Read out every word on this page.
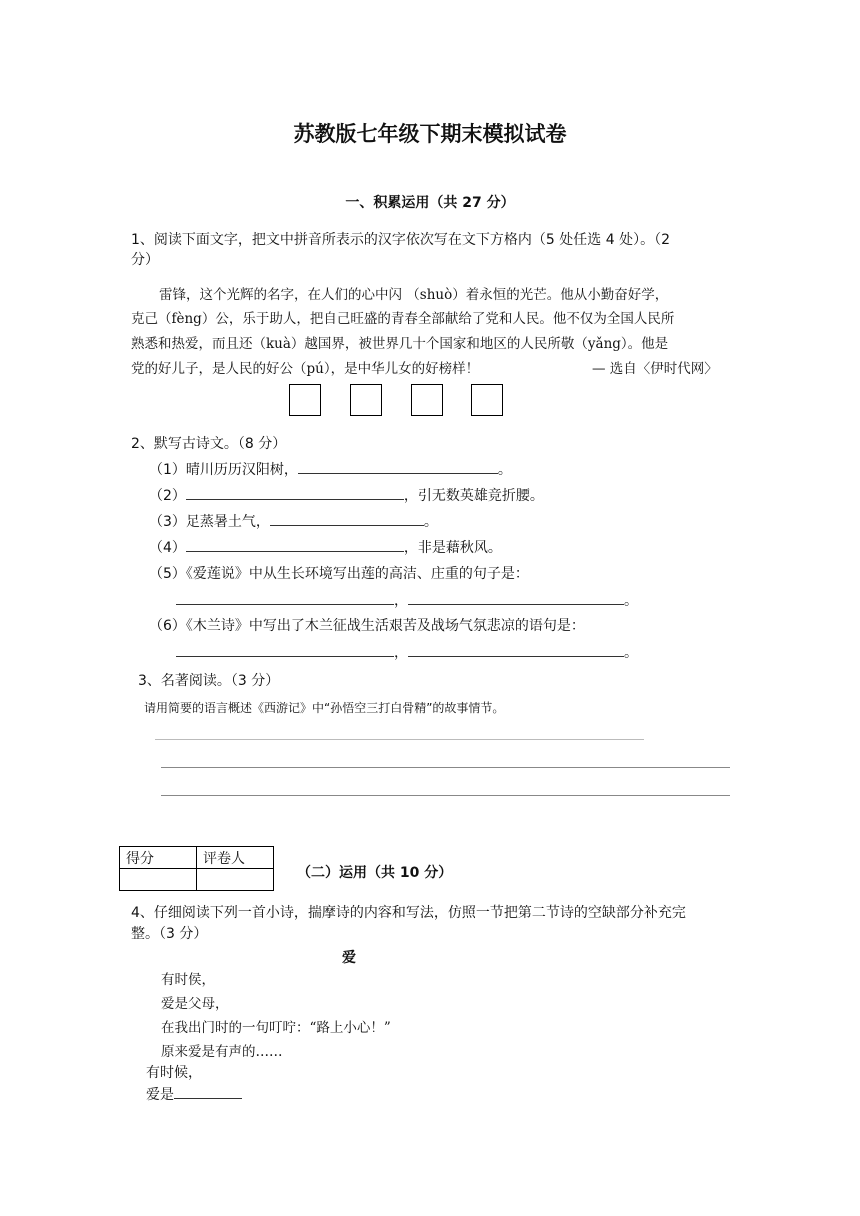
苏教版七年级下期末模拟试卷
一、积累运用（共 27 分）
1、阅读下面文字，把文中拼音所表示的汉字依次写在文下方格内（5 处任选 4 处）。（2
分）
雷锋，这个光辉的名字，在人们的心中闪 （shuò）着永恒的光芒。他从小勤奋好学，
克己（fèng）公，乐于助人，把自己旺盛的青春全部献给了党和人民。他不仅为全国人民所
熟悉和热爱，而且还（kuà）越国界，被世界几十个国家和地区的人民所敬（yǎng）。他是
党的好儿子，是人民的好公（pú），是中华儿女的好榜样！	— 选自〈伊时代网〉
2、默写古诗文。（8 分）
（1）晴川历历汉阳树，	。
（2）	，引无数英雄竞折腰。
（3）足蒸暑土气，	。
（4）	，非是藉秋风。
（5）《爱莲说》中从生长环境写出莲的高洁、庄重的句子是：
，	。
（6）《木兰诗》中写出了木兰征战生活艰苦及战场气氛悲凉的语句是：
，	。
3、名著阅读。（3 分）
请用简要的语言概述《西游记》中“孙悟空三打白骨精”的故事情节。
得分	评卷人

（二）运用（共 10 分）
4、仔细阅读下列一首小诗，揣摩诗的内容和写法，仿照一节把第二节诗的空缺部分补充完
整。（3 分）
爱
有时侯，
爱是父母，
在我出门时的一句叮咛：“路上小心！”
原来爱是有声的……
有时候，
爱是
